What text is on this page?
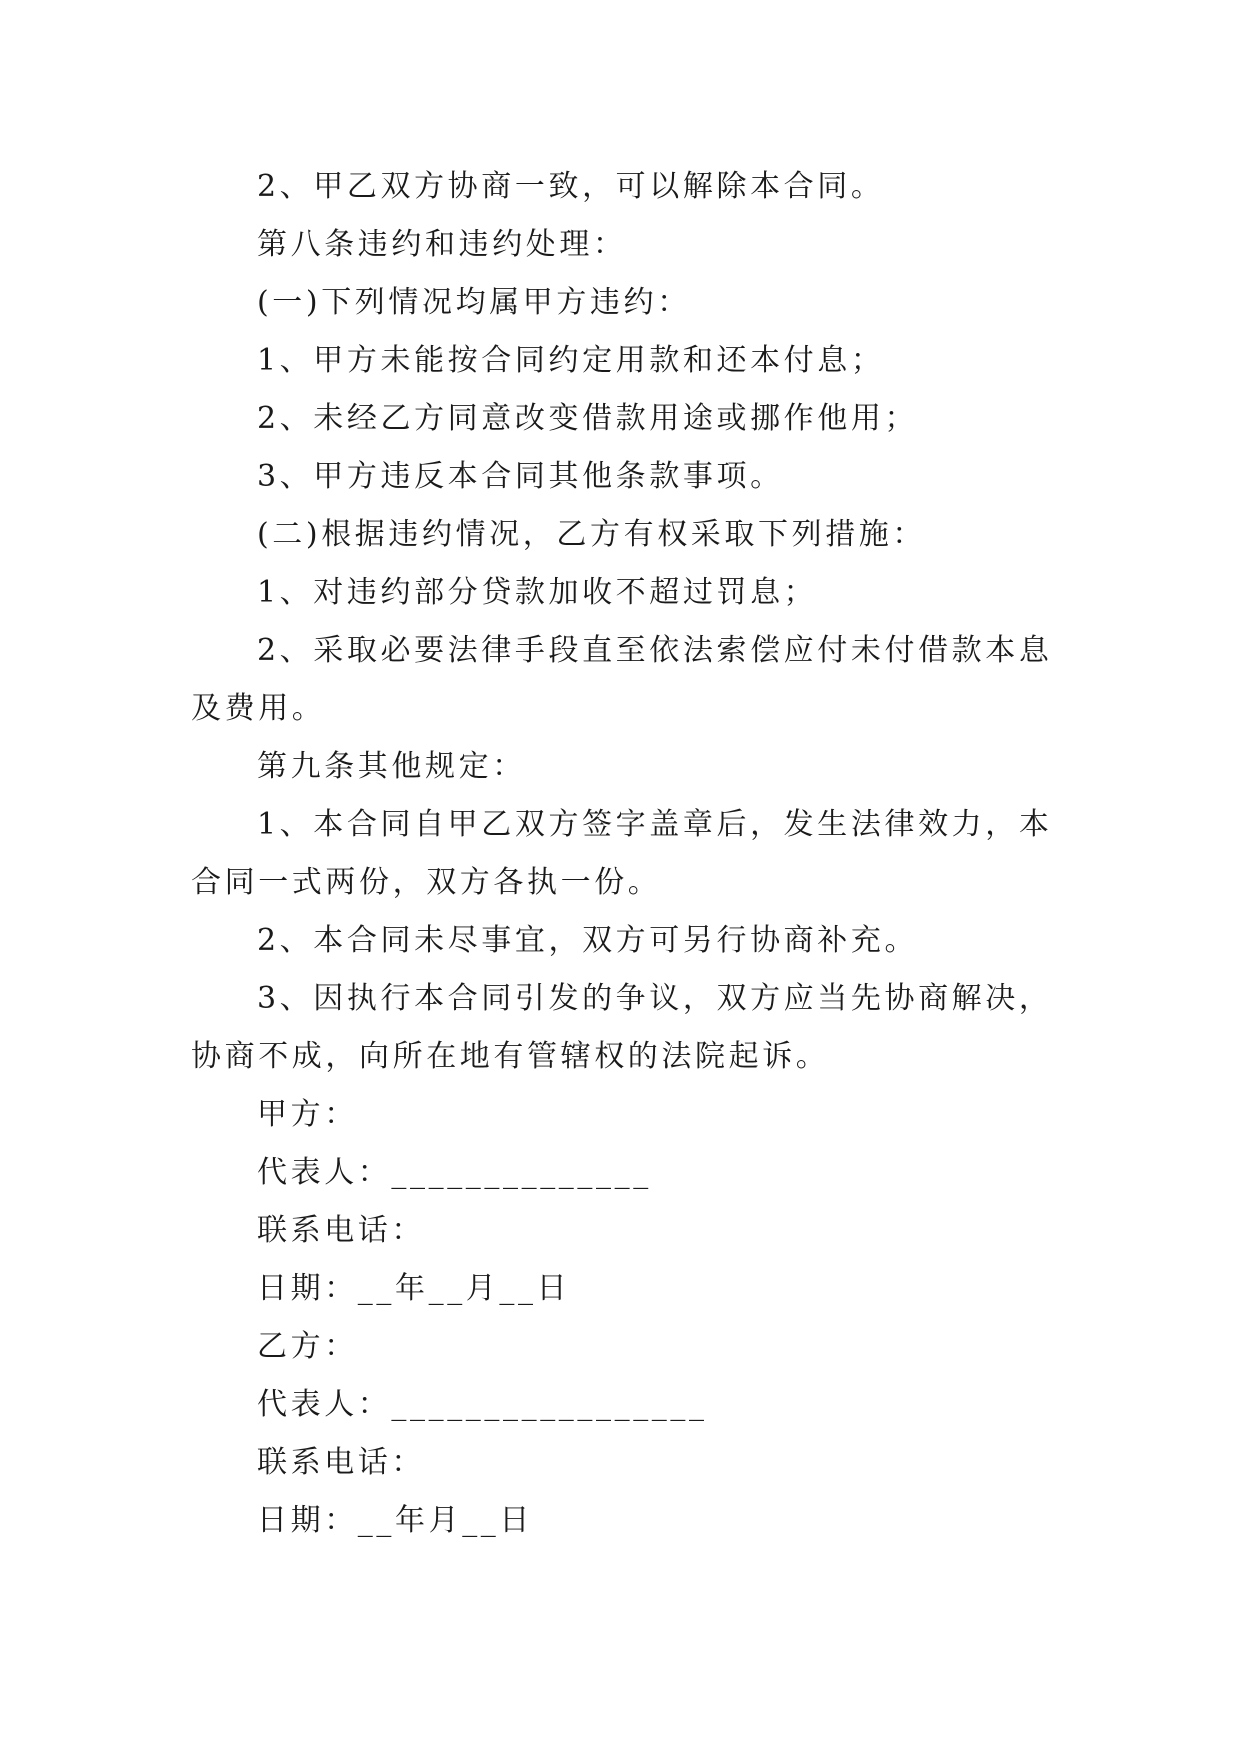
2、甲乙双方协商一致，可以解除本合同。
第八条违约和违约处理：
(一)下列情况均属甲方违约：
1、甲方未能按合同约定用款和还本付息；
2、未经乙方同意改变借款用途或挪作他用；
3、甲方违反本合同其他条款事项。
(二)根据违约情况，乙方有权采取下列措施：
1、对违约部分贷款加收不超过罚息；
2、采取必要法律手段直至依法索偿应付未付借款本息
及费用。
第九条其他规定：
1、本合同自甲乙双方签字盖章后，发生法律效力，本
合同一式两份，双方各执一份。
2、本合同未尽事宜，双方可另行协商补充。
3、因执行本合同引发的争议，双方应当先协商解决，
协商不成，向所在地有管辖权的法院起诉。
甲方：
代表人：______________
联系电话：
日期：__年__月__日
乙方：
代表人：_________________
联系电话：
日期：__年月__日
